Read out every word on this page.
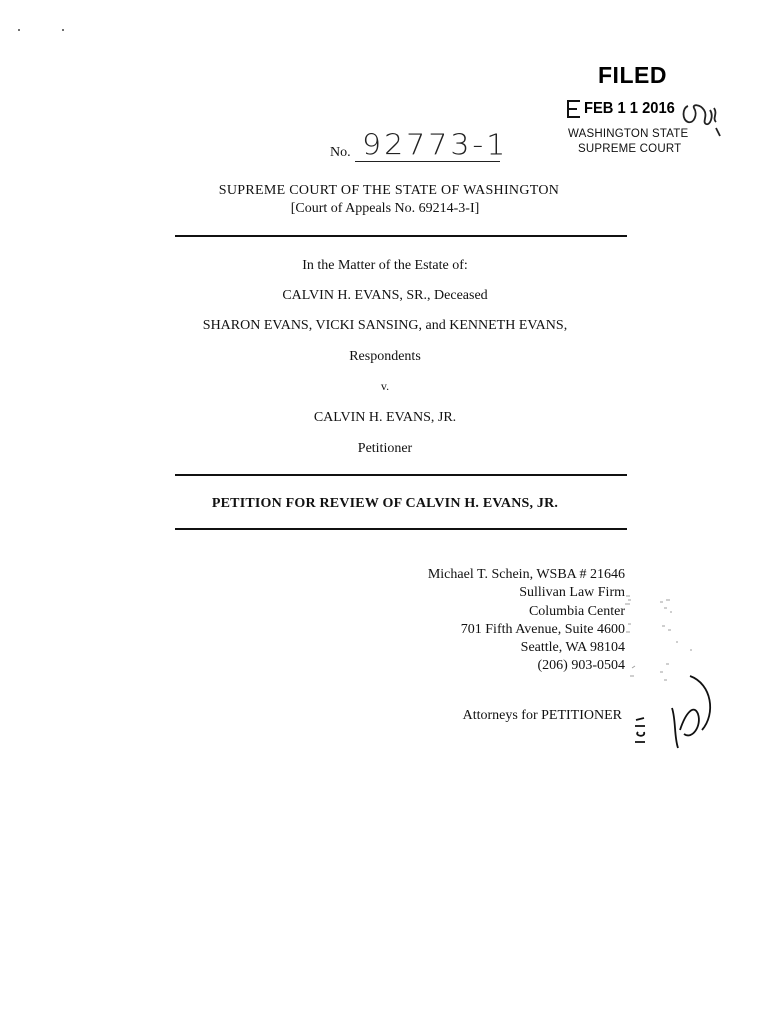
FILED
FEB 1 1 2016
WASHINGTON STATE
SUPREME COURT
No. 92773-1
SUPREME COURT OF THE STATE OF WASHINGTON
[Court of Appeals No. 69214-3-I]
In the Matter of the Estate of:
CALVIN H. EVANS, SR., Deceased
SHARON EVANS, VICKI SANSING, and KENNETH EVANS,
Respondents
v.
CALVIN H. EVANS, JR.
Petitioner
PETITION FOR REVIEW OF CALVIN H. EVANS, JR.
Michael T. Schein, WSBA # 21646
Sullivan Law Firm
Columbia Center
701 Fifth Avenue, Suite 4600
Seattle, WA 98104
(206) 903-0504
Attorneys for PETITIONER
